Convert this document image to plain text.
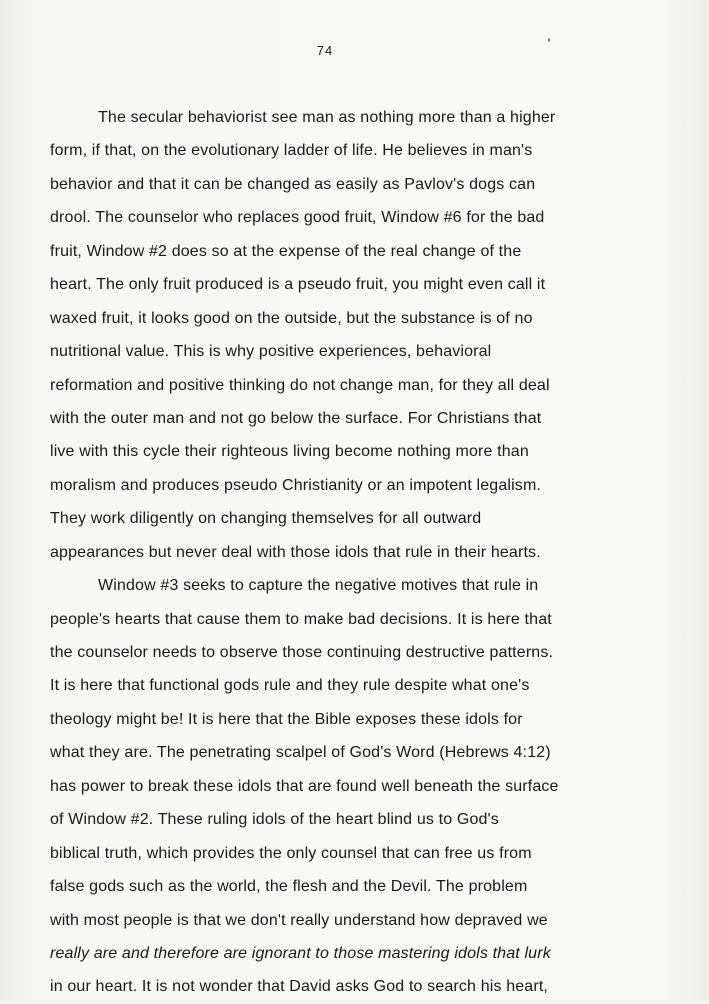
74
The secular behaviorist see man as nothing more than a higher
form, if that, on the evolutionary ladder of life. He believes in man's
behavior and that it can be changed as easily as Pavlov's dogs can
drool. The counselor who replaces good fruit, Window #6 for the bad
fruit, Window #2 does so at the expense of the real change of the
heart. The only fruit produced is a pseudo fruit, you might even call it
waxed fruit, it looks good on the outside, but the substance is of no
nutritional value. This is why positive experiences, behavioral
reformation and positive thinking do not change man, for they all deal
with the outer man and not go below the surface. For Christians that
live with this cycle their righteous living become nothing more than
moralism and produces pseudo Christianity or an impotent legalism.
They work diligently on changing themselves for all outward
appearances but never deal with those idols that rule in their hearts.
Window #3 seeks to capture the negative motives that rule in
people's hearts that cause them to make bad decisions. It is here that
the counselor needs to observe those continuing destructive patterns.
It is here that functional gods rule and they rule despite what one's
theology might be! It is here that the Bible exposes these idols for
what they are. The penetrating scalpel of God's Word (Hebrews 4:12)
has power to break these idols that are found well beneath the surface
of Window #2. These ruling idols of the heart blind us to God's
biblical truth, which provides the only counsel that can free us from
false gods such as the world, the flesh and the Devil. The problem
with most people is that we don't really understand how depraved we
really are and therefore are ignorant to those mastering idols that lurk
in our heart. It is not wonder that David asks God to search his heart,
